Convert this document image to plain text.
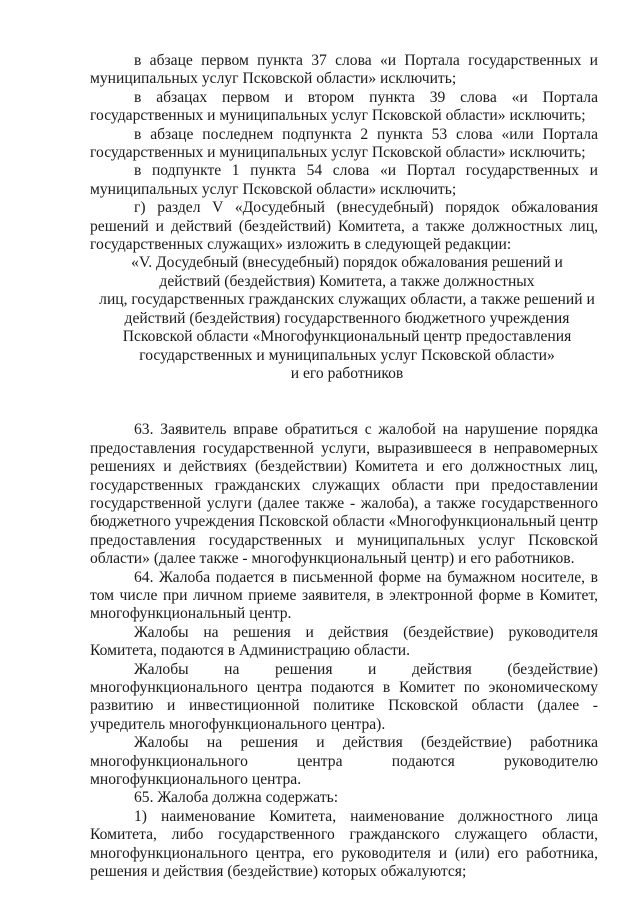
в абзаце первом пункта 37 слова «и Портала государственных и муниципальных услуг Псковской области» исключить;

в абзацах первом и втором пункта 39 слова «и Портала государственных и муниципальных услуг Псковской области» исключить;

в абзаце последнем подпункта 2 пункта 53 слова «или Портала государственных и муниципальных услуг Псковской области» исключить;

в подпункте 1 пункта 54 слова «и Портал государственных и муниципальных услуг Псковской области» исключить;

г) раздел V «Досудебный (внесудебный) порядок обжалования решений и действий (бездействий) Комитета, а также должностных лиц, государственных служащих» изложить в следующей редакции:

«V. Досудебный (внесудебный) порядок обжалования решений и
действий (бездействия) Комитета, а также должностных
лиц, государственных гражданских служащих области, а также решений и
действий (бездействия) государственного бюджетного учреждения
Псковской области «Многофункциональный центр предоставления
государственных и муниципальных услуг Псковской области»
и его работников

63. Заявитель вправе обратиться с жалобой на нарушение порядка предоставления государственной услуги, выразившееся в неправомерных решениях и действиях (бездействии) Комитета и его должностных лиц, государственных гражданских служащих области при предоставлении государственной услуги (далее также - жалоба), а также государственного бюджетного учреждения Псковской области «Многофункциональный центр предоставления государственных и муниципальных услуг Псковской области» (далее также - многофункциональный центр) и его работников.

64. Жалоба подается в письменной форме на бумажном носителе, в том числе при личном приеме заявителя, в электронной форме в Комитет, многофункциональный центр.

Жалобы на решения и действия (бездействие) руководителя Комитета, подаются в Администрацию области.

Жалобы на решения и действия (бездействие) многофункционального центра подаются в Комитет по экономическому развитию и инвестиционной политике Псковской области (далее - учредитель многофункционального центра).

Жалобы на решения и действия (бездействие) работника многофункционального центра подаются руководителю многофункционального центра.

65. Жалоба должна содержать:

1) наименование Комитета, наименование должностного лица Комитета, либо государственного гражданского служащего области, многофункционального центра, его руководителя и (или) его работника, решения и действия (бездействие) которых обжалуются;
